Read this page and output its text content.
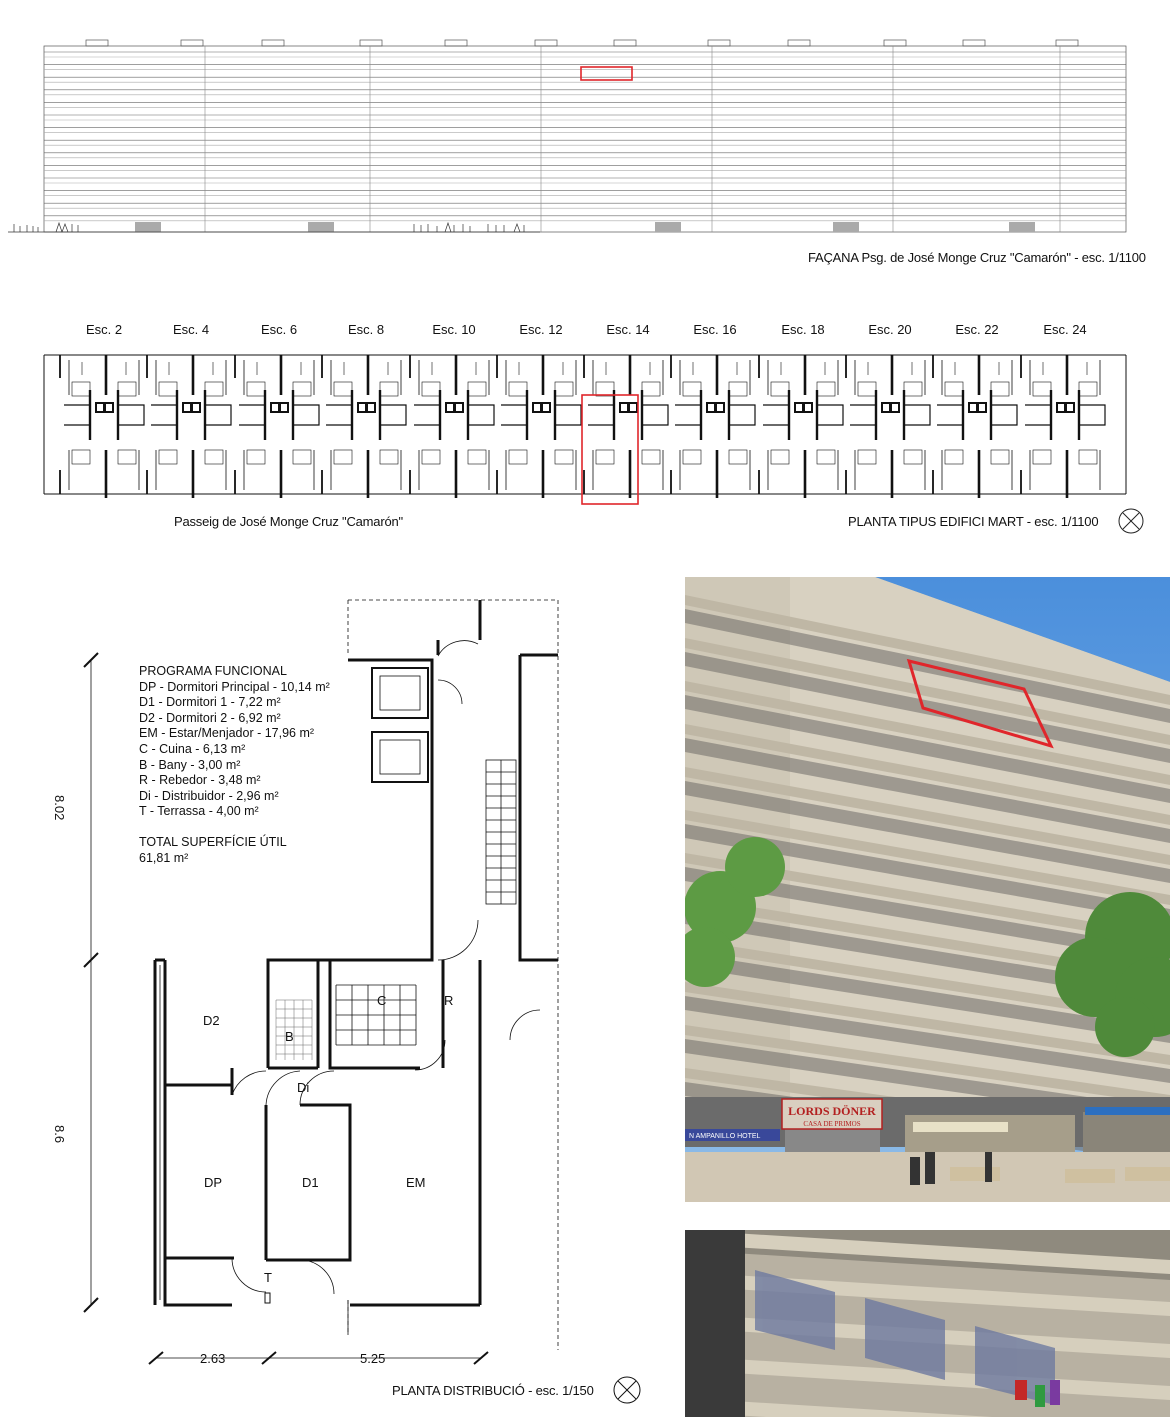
FAÇANA Psg. de José Monge Cruz "Camarón" - esc. 1/1100
Esc. 2	Esc. 4	Esc. 6	Esc. 8	Esc. 10	Esc. 12	Esc. 14	Esc. 16	Esc. 18	Esc. 20	Esc. 22	Esc. 24
Passeig de José Monge Cruz "Camarón"	PLANTA TIPUS EDIFICI MART - esc. 1/1100
PROGRAMA FUNCIONAL
DP - Dormitori Principal - 10,14 m²
D1 - Dormitori 1 - 7,22 m²
D2 - Dormitori 2 - 6,92 m²
EM - Estar/Menjador - 17,96 m²
C - Cuina - 6,13 m²
B - Bany - 3,00 m²
R - Rebedor - 3,48 m²
Di - Distribuidor - 2,96 m²
T - Terrassa - 4,00 m²
TOTAL SUPERFÍCIE ÚTIL
61,81 m²
D2
B
C	R
Di
DP	D1	EM
T
8.02
8.6
2.63	5.25
PLANTA DISTRIBUCIÓ - esc. 1/150
LORDS DÖNER
CASA DE PRIMOS
N AMPANILLO HOTEL
